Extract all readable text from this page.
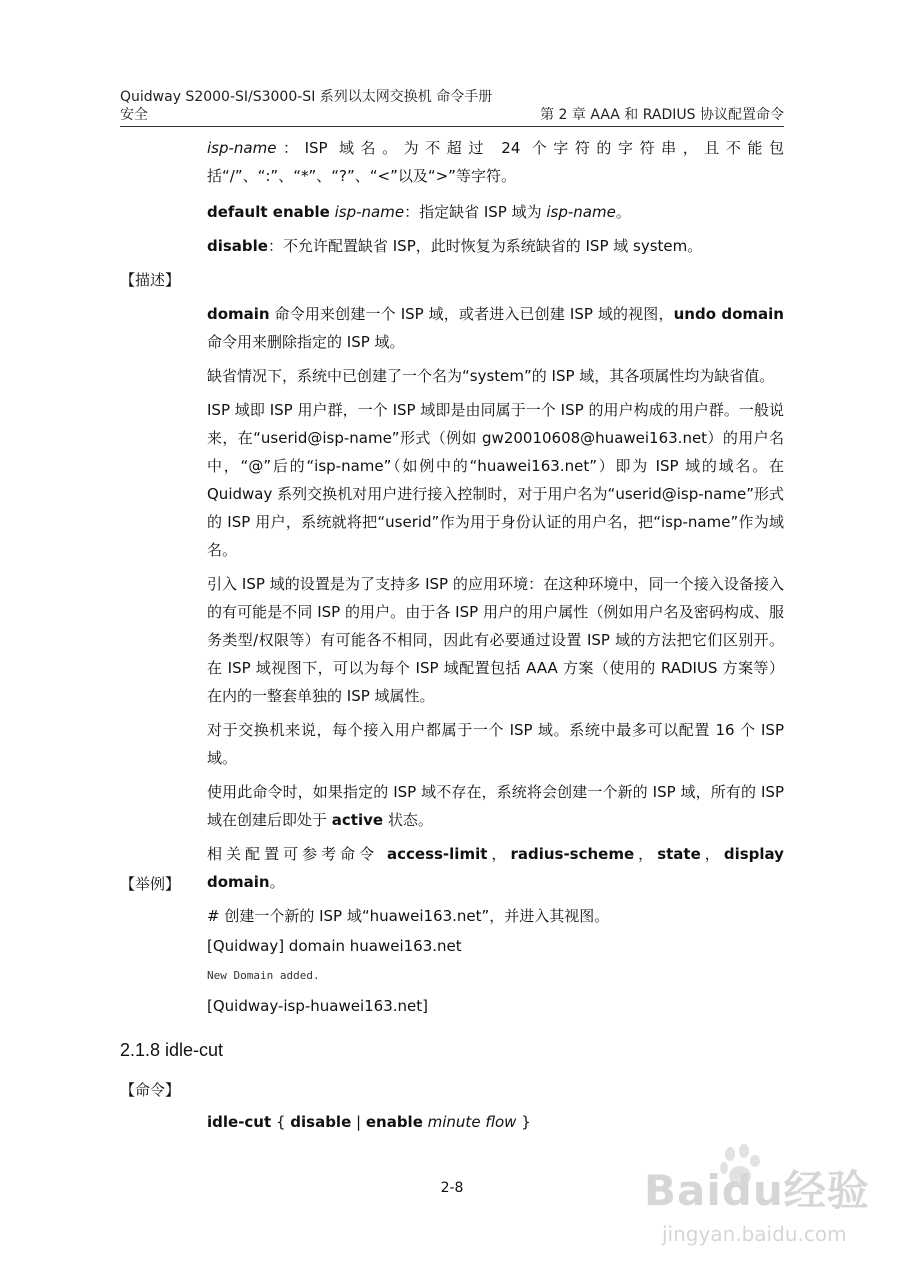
Quidway S2000-SI/S3000-SI 系列以太网交换机 命令手册
安全	第 2 章 AAA 和 RADIUS 协议配置命令

isp-name：ISP 域名。为不超过 24 个字符的字符串，且不能包括“/”、“:”、“*”、“?”、“<”以及“>”等字符。

default enable isp-name：指定缺省 ISP 域为 isp-name。

disable：不允许配置缺省 ISP，此时恢复为系统缺省的 ISP 域 system。

【描述】

domain 命令用来创建一个 ISP 域，或者进入已创建 ISP 域的视图，undo domain 命令用来删除指定的 ISP 域。

缺省情况下，系统中已创建了一个名为“system”的 ISP 域，其各项属性均为缺省值。

ISP 域即 ISP 用户群，一个 ISP 域即是由同属于一个 ISP 的用户构成的用户群。一般说来，在“userid@isp-name”形式（例如 gw20010608@huawei163.net）的用户名中，“@”后的“isp-name”（如例中的“huawei163.net”）即为 ISP 域的域名。在 Quidway 系列交换机对用户进行接入控制时，对于用户名为“userid@isp-name”形式的 ISP 用户，系统就将把“userid”作为用于身份认证的用户名，把“isp-name”作为域名。

引入 ISP 域的设置是为了支持多 ISP 的应用环境：在这种环境中，同一个接入设备接入的有可能是不同 ISP 的用户。由于各 ISP 用户的用户属性（例如用户名及密码构成、服务类型/权限等）有可能各不相同，因此有必要通过设置 ISP 域的方法把它们区别开。在 ISP 域视图下，可以为每个 ISP 域配置包括 AAA 方案（使用的 RADIUS 方案等）在内的一整套单独的 ISP 域属性。

对于交换机来说，每个接入用户都属于一个 ISP 域。系统中最多可以配置 16 个 ISP 域。

使用此命令时，如果指定的 ISP 域不存在，系统将会创建一个新的 ISP 域，所有的 ISP 域在创建后即处于 active 状态。

相关配置可参考命令 access-limit，radius-scheme，state，display domain。

【举例】

# 创建一个新的 ISP 域“huawei163.net”，并进入其视图。

[Quidway] domain huawei163.net

New Domain added.

[Quidway-isp-huawei163.net]

2.1.8 idle-cut
【命令】

idle-cut { disable | enable minute flow }

2-8	Baidu经验
jingyan.baidu.com
